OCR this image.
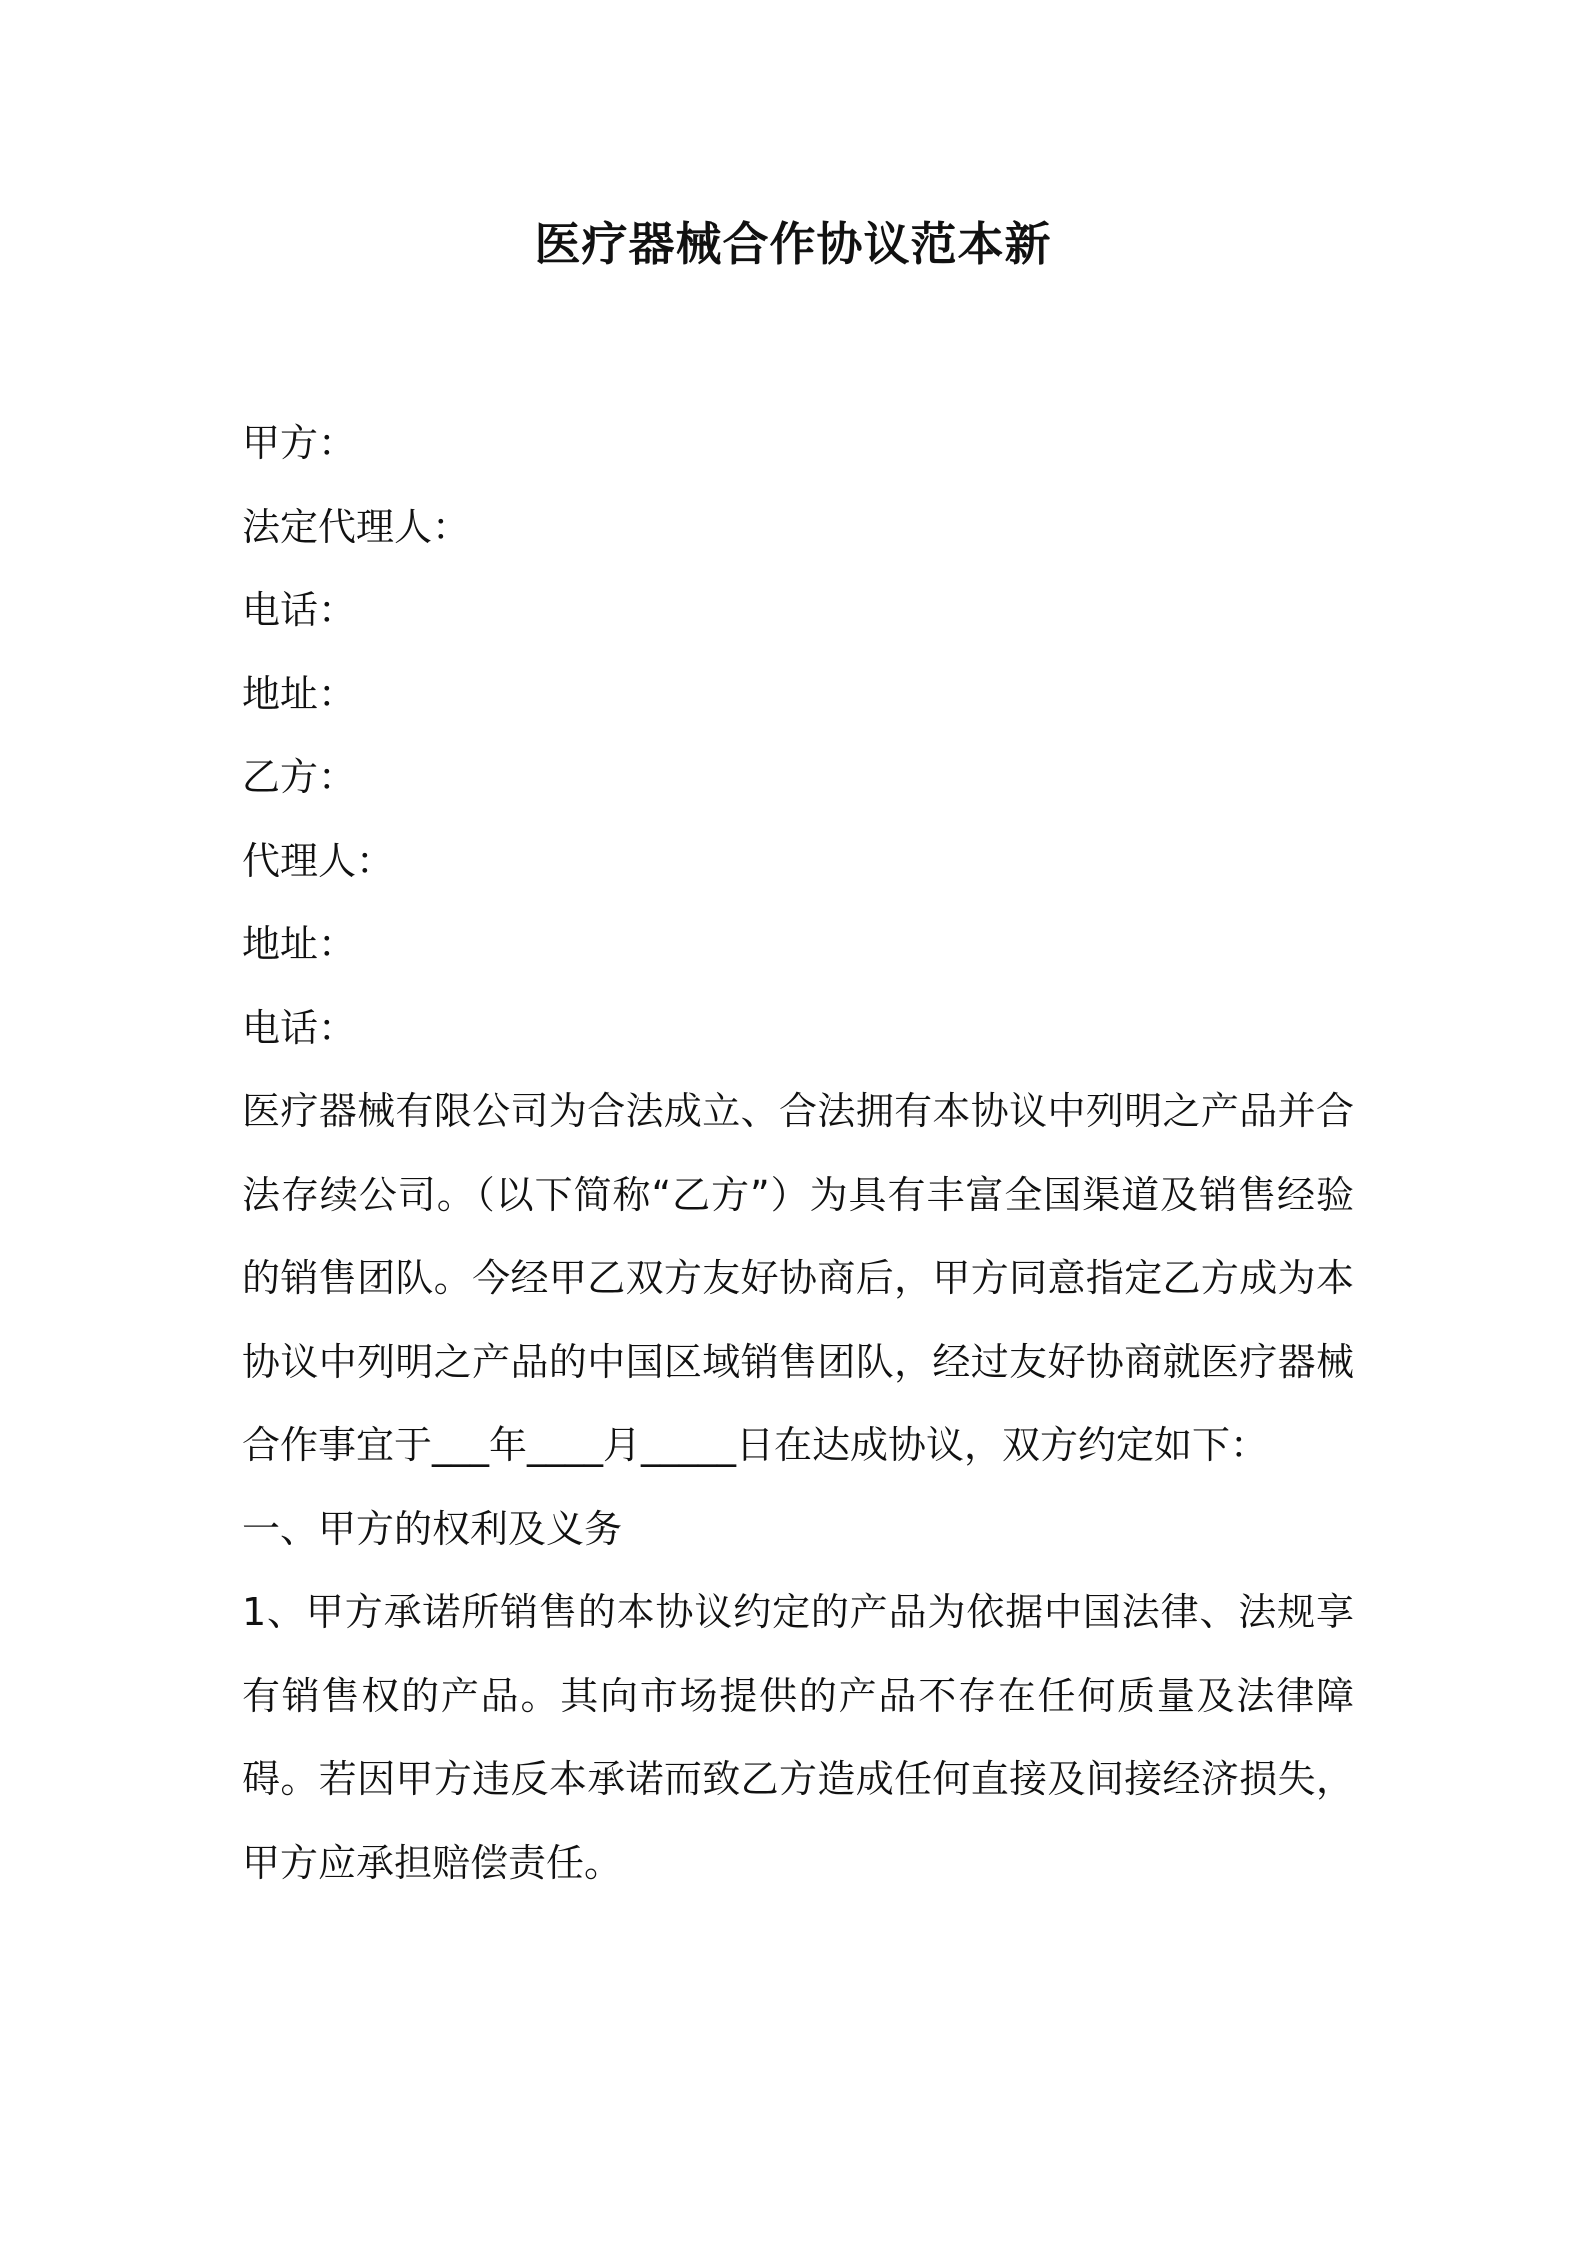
医疗器械合作协议范本新
甲方：
法定代理人：
电话：
地址：
乙方：
代理人：
地址：
电话：

医疗器械有限公司为合法成立、合法拥有本协议中列明之产品并合法存续公司。（以下简称“乙方”）为具有丰富全国渠道及销售经验的销售团队。今经甲乙双方友好协商后，甲方同意指定乙方成为本协议中列明之产品的中国区域销售团队，经过友好协商就医疗器械合作事宜于___年____月_____日在达成协议，双方约定如下：

一、甲方的权利及义务

1、甲方承诺所销售的本协议约定的产品为依据中国法律、法规享有销售权的产品。其向市场提供的产品不存在任何质量及法律障碍。若因甲方违反本承诺而致乙方造成任何直接及间接经济损失，甲方应承担赔偿责任。
